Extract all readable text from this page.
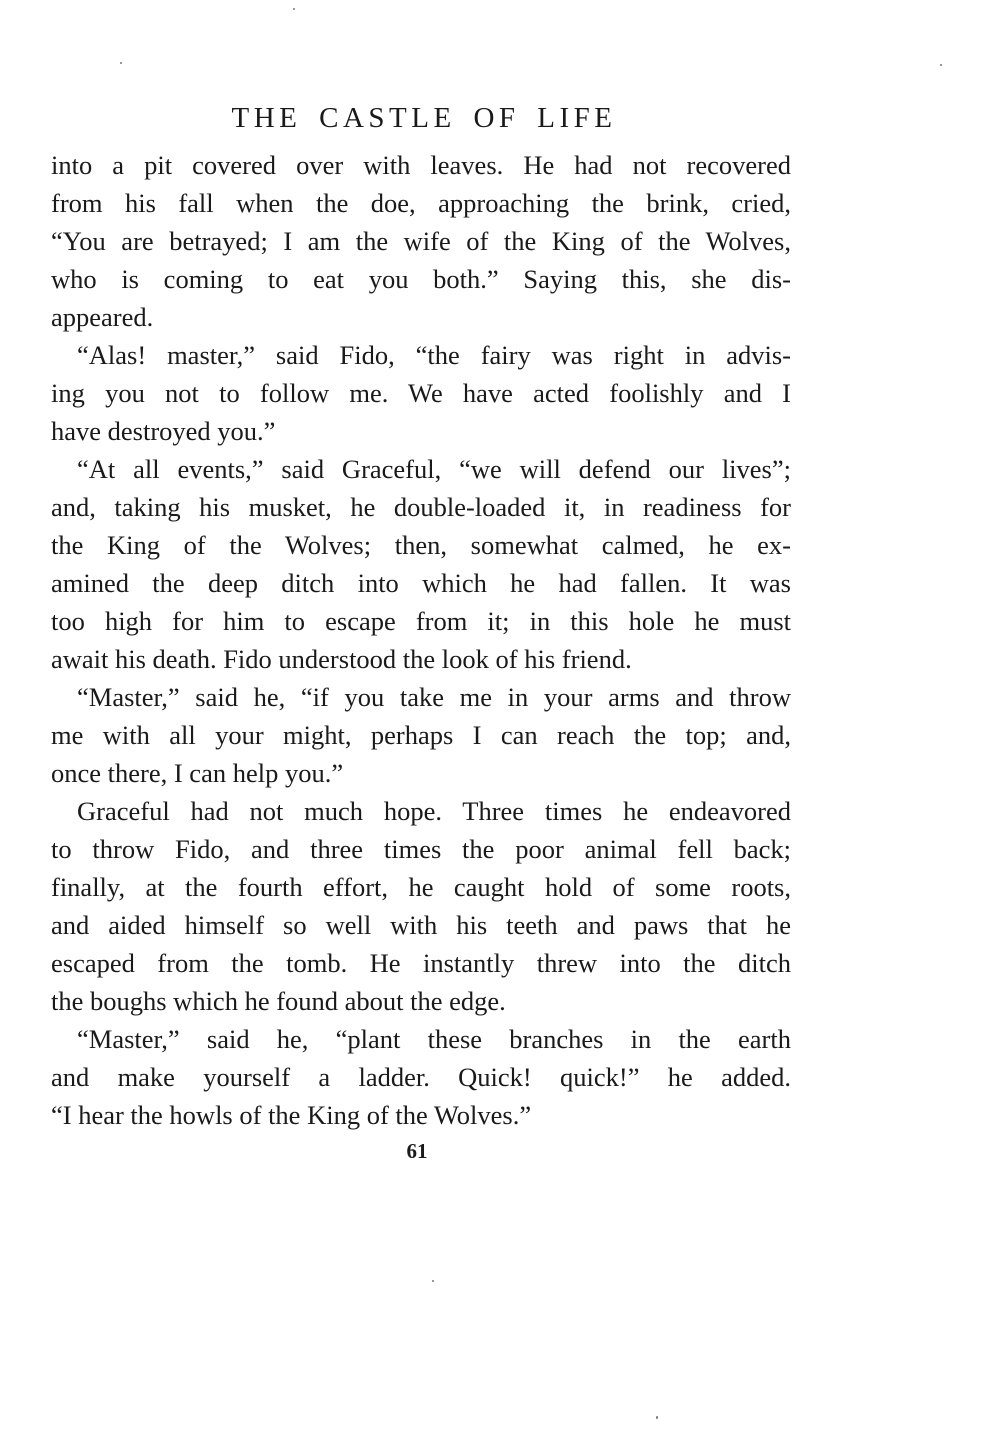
THE CASTLE OF LIFE
into a pit covered over with leaves. He had not recovered
from his fall when the doe, approaching the brink, cried,
“You are betrayed; I am the wife of the King of the Wolves,
who is coming to eat you both.” Saying this, she dis-
appeared.
“Alas! master,” said Fido, “the fairy was right in advis-
ing you not to follow me. We have acted foolishly and I
have destroyed you.”
“At all events,” said Graceful, “we will defend our lives”;
and, taking his musket, he double-loaded it, in readiness for
the King of the Wolves; then, somewhat calmed, he ex-
amined the deep ditch into which he had fallen. It was
too high for him to escape from it; in this hole he must
await his death. Fido understood the look of his friend.
“Master,” said he, “if you take me in your arms and throw
me with all your might, perhaps I can reach the top; and,
once there, I can help you.”
Graceful had not much hope. Three times he endeavored
to throw Fido, and three times the poor animal fell back;
finally, at the fourth effort, he caught hold of some roots,
and aided himself so well with his teeth and paws that he
escaped from the tomb. He instantly threw into the ditch
the boughs which he found about the edge.
“Master,” said he, “plant these branches in the earth
and make yourself a ladder. Quick! quick!” he added.
“I hear the howls of the King of the Wolves.”
61
